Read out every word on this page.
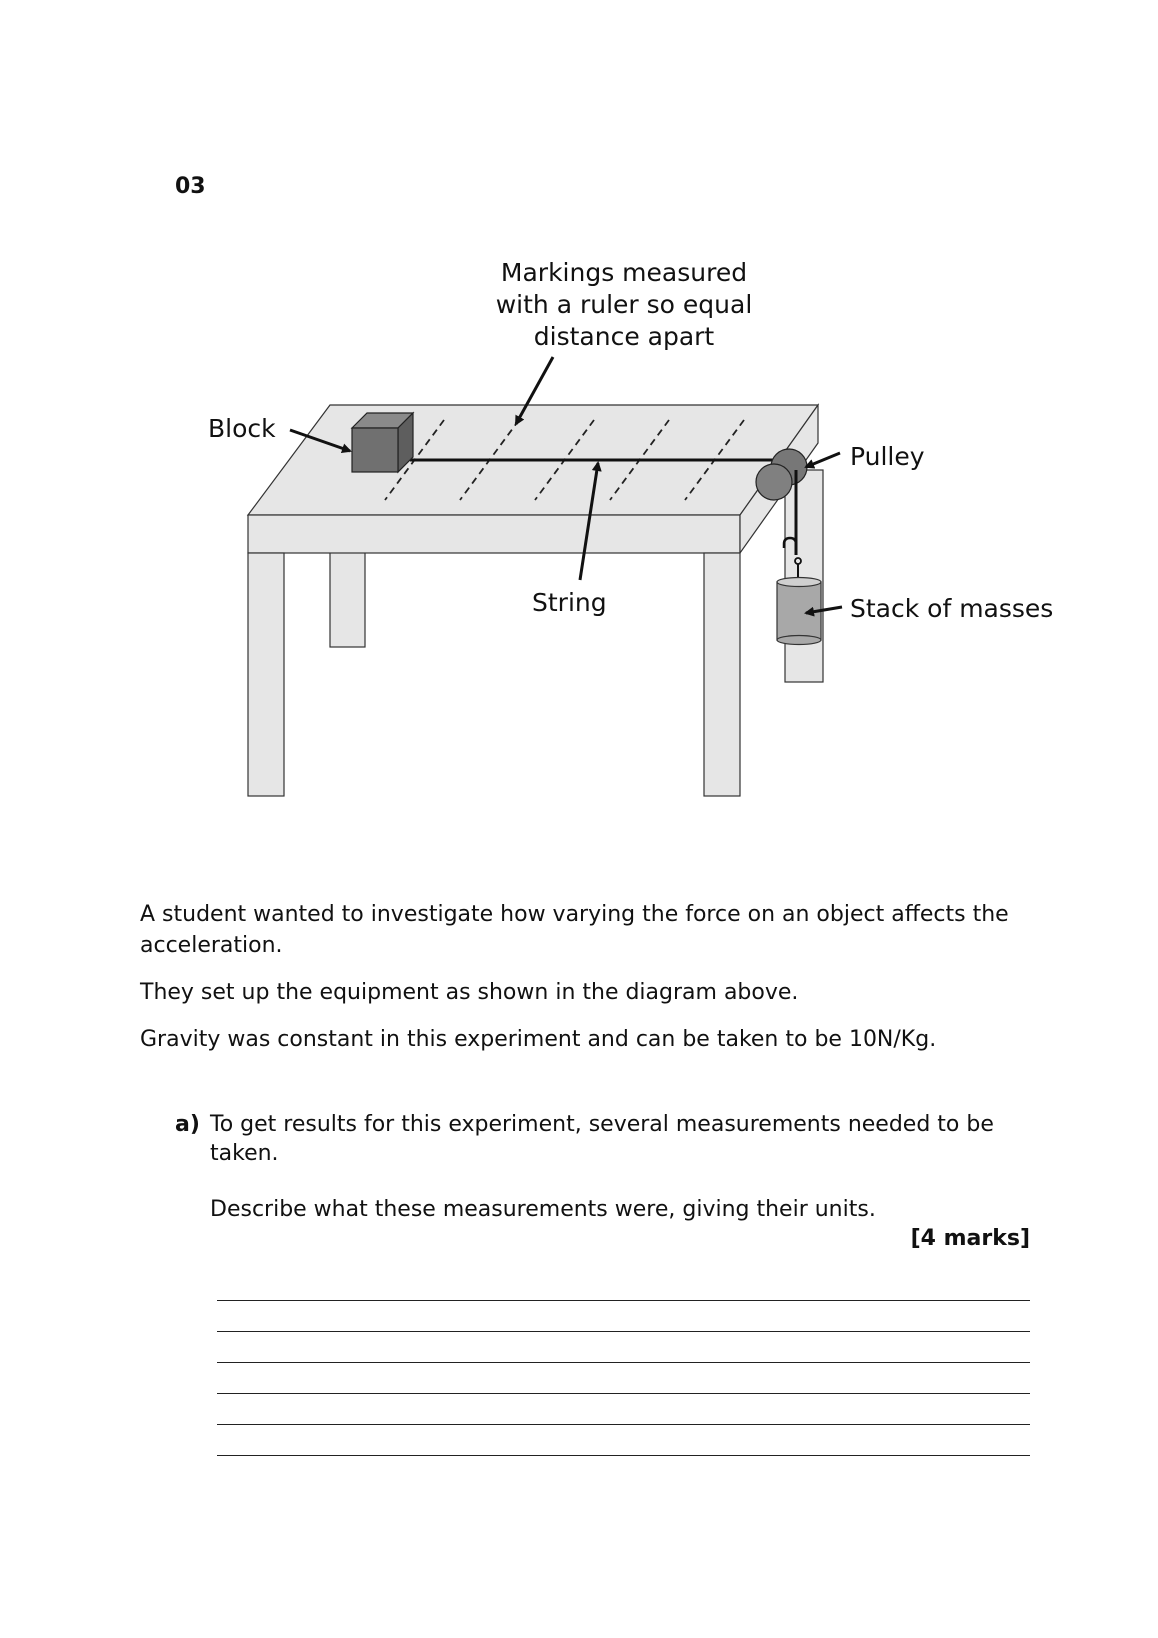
03
Markings measured
with a ruler so equal
distance apart
Block
Pulley
String	Stack of masses

A student wanted to investigate how varying the force on an object affects the acceleration.

They set up the equipment as shown in the diagram above.

Gravity was constant in this experiment and can be taken to be 10N/Kg.

a) To get results for this experiment, several measurements needed to be taken.
Describe what these measurements were, giving their units.
[4 marks]
